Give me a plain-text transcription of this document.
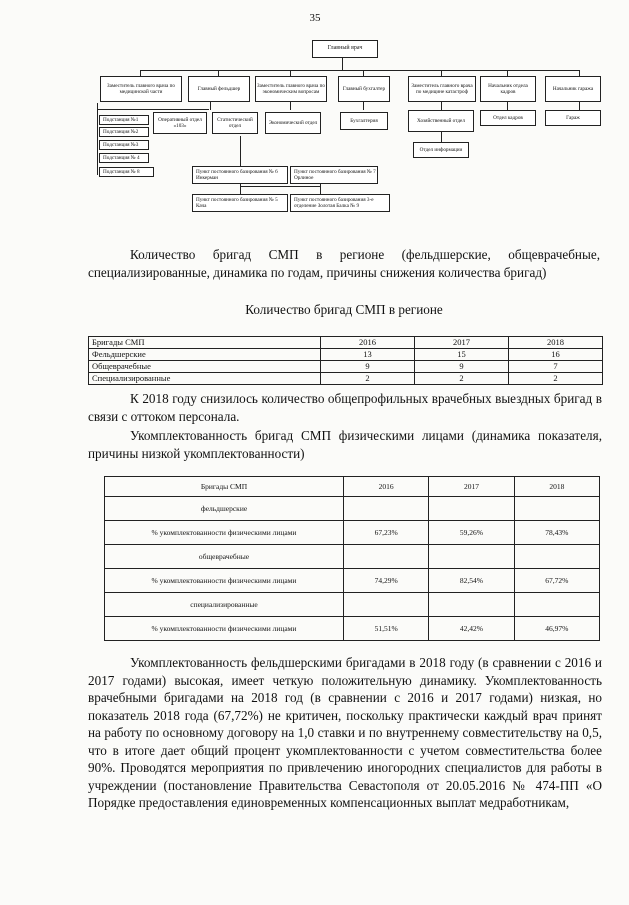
35
Главный врач
Заместитель главного врача по медицинской части
Главный фельдшер
Заместитель главного врача по экономическим вопросам
Главный бухгалтер
Заместитель главного врача по медицине катастроф
Начальник отдела кадров
Начальник гаража
Подстанция №1
Подстанция №2
Подстанция №3
Подстанция № 4
Подстанция № 8
Оперативный отдел «103»
Статистический отдел
Экономический отдел	Бухгалтерия	Хозяйственный отдел
Отдел информации
Отдел кадров	Гараж
Пункт постоянного базирования № 6 Инкерман
Пункт постоянного базирования № 7 Орлиное
Пункт постоянного базирования № 5 Кача
Пункт постоянного базирования 3-е отделение Золотая Балка № 9
Количество бригад СМП в регионе (фельдшерские, общеврачебные, специализированные, динамика по годам, причины снижения количества бригад)
Количество бригад СМП в регионе
Бригады СМП	2016	2017	2018
Фельдшерские	13	15	16
Общеврачебные	9	9	7
Специализированные	2	2	2
К 2018 году снизилось количество общепрофильных врачебных выездных бригад в связи с оттоком персонала.
Укомплектованность бригад СМП физическими лицами (динамика показателя, причины низкой укомплектованности)
Бригады СМП	2016	2017	2018
фельдшерские			
% укомплектованности физическими лицами	67,23%	59,26%	78,43%
общеврачебные			
% укомплектованности физическими лицами	74,29%	82,54%	67,72%
специализированные			
% укомплектованности физическими лицами	51,51%	42,42%	46,97%
Укомплектованность фельдшерскими бригадами в 2018 году (в сравнении с 2016 и 2017 годами) высокая, имеет четкую положительную динамику. Укомплектованность врачебными бригадами на 2018 год (в сравнении с 2016 и 2017 годами) низкая, но показатель 2018 года (67,72%) не критичен, поскольку практически каждый врач принят на работу по основному договору на 1,0 ставки и по внутреннему совместительству на 0,5, что в итоге дает общий процент укомплектованности с учетом совместительства более 90%. Проводятся мероприятия по привлечению иногородних специалистов для работы в учреждении (постановление Правительства Севастополя от 20.05.2016 № 474-ПП «О Порядке предоставления единовременных компенсационных выплат медработникам,
